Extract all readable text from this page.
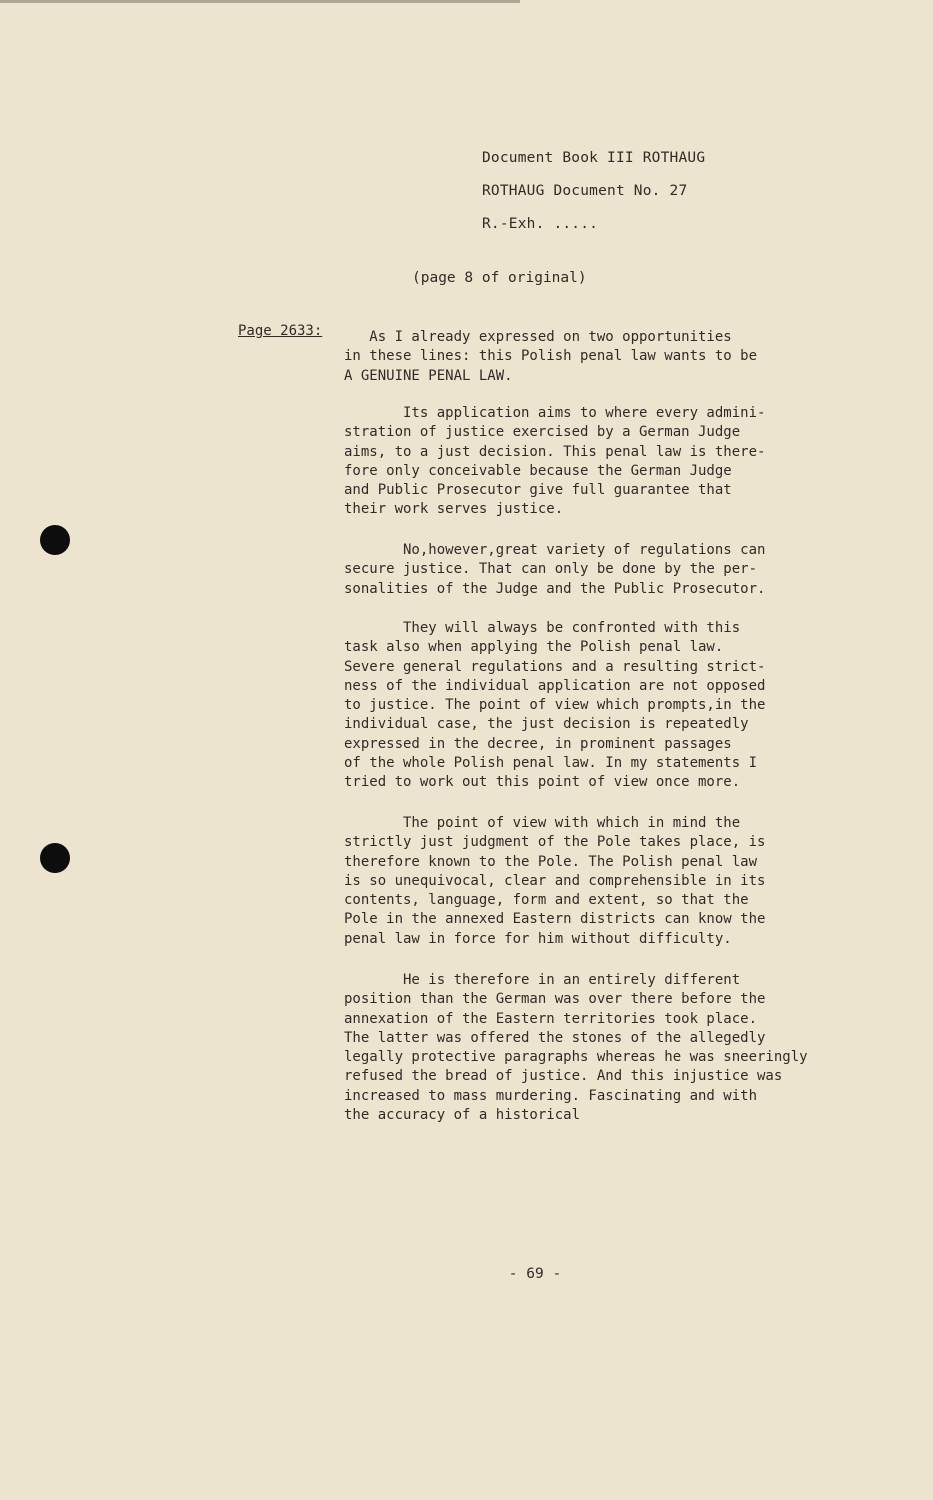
Document Book III ROTHAUG
ROTHAUG Document No. 27
R.-Exh. .....
(page 8 of original)
Page 2633: As I already expressed on two opportunities
in these lines: this Polish penal law wants to be
A GENUINE PENAL LAW.
Its application aims to where every admini-
stration of justice exercised by a German Judge
aims, to a just decision. This penal law is there-
fore only conceivable because the German Judge
and Public Prosecutor give full guarantee that
their work serves justice.
No,however,great variety of regulations can
secure justice. That can only be done by the per-
sonalities of the Judge and the Public Prosecutor.
They will always be confronted with this
task also when applying the Polish penal law.
Severe general regulations and a resulting strict-
ness of the individual application are not opposed
to justice. The point of view which prompts,in the
individual case, the just decision is repeatedly
expressed in the decree, in prominent passages
of the whole Polish penal law. In my statements I
tried to work out this point of view once more.
The point of view with which in mind the
strictly just judgment of the Pole takes place, is
therefore known to the Pole. The Polish penal law
is so unequivocal, clear and comprehensible in its
contents, language, form and extent, so that the
Pole in the annexed Eastern districts can know the
penal law in force for him without difficulty.
He is therefore in an entirely different
position than the German was over there before the
annexation of the Eastern territories took place.
The latter was offered the stones of the allegedly
legally protective paragraphs whereas he was sneeringly
refused the bread of justice. And this injustice was
increased to mass murdering. Fascinating and with
the accuracy of a historical
- 69 -
